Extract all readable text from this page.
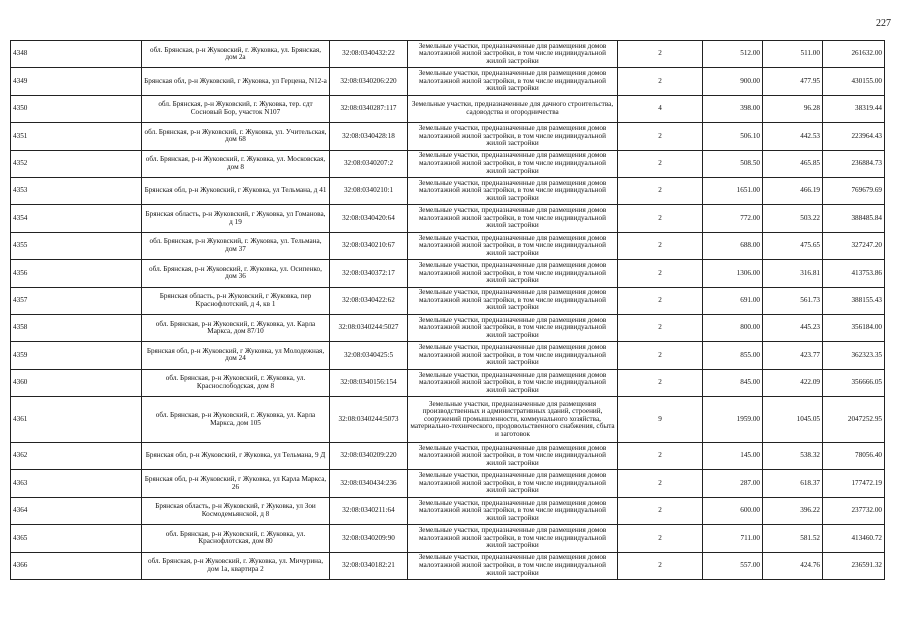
227
4348	обл. Брянская, р-н Жуковский, г. Жуковка, ул. Брянская, дом 2а	32:08:0340432:22	Земельные участки, предназначенные для размещения домов малоэтажной жилой застройки, в том числе индивидуальной жилой застройки	2	512.00	511.00	261632.00
4349	Брянская обл, р-н Жуковский, г Жуковка, ул Герцена, N12-а	32:08:0340206:220	Земельные участки, предназначенные для размещения домов малоэтажной жилой застройки, в том числе индивидуальной жилой застройки	2	900.00	477.95	430155.00
4350	обл. Брянская, р-н Жуковский, г. Жуковка, тер. сдт Сосновый Бор, участок N107	32:08:0340287:117	Земельные участки, предназначенные для дачного строительства, садоводства и огородничества	4	398.00	96.28	38319.44
4351	обл. Брянская, р-н Жуковский, г. Жуковка, ул. Учительская, дом 68	32:08:0340428:18	Земельные участки, предназначенные для размещения домов малоэтажной жилой застройки, в том числе индивидуальной жилой застройки	2	506.10	442.53	223964.43
4352	обл. Брянская, р-н Жуковский, г. Жуковка, ул. Московская, дом 8	32:08:0340207:2	Земельные участки, предназначенные для размещения домов малоэтажной жилой застройки, в том числе индивидуальной жилой застройки	2	508.50	465.85	236884.73
4353	Брянская обл, р-н Жуковский, г Жуковка, ул Тельмана, д 41	32:08:0340210:1	Земельные участки, предназначенные для размещения домов малоэтажной жилой застройки, в том числе индивидуальной жилой застройки	2	1651.00	466.19	769679.69
4354	Брянская область, р-н Жуковский, г Жуковка, ул Гоманова, д 19	32:08:0340420:64	Земельные участки, предназначенные для размещения домов малоэтажной жилой застройки, в том числе индивидуальной жилой застройки	2	772.00	503.22	388485.84
4355	обл. Брянская, р-н Жуковский, г. Жуковка, ул. Тельмана, дом 37	32:08:0340210:67	Земельные участки, предназначенные для размещения домов малоэтажной жилой застройки, в том числе индивидуальной жилой застройки	2	688.00	475.65	327247.20
4356	обл. Брянская, р-н Жуковский, г. Жуковка, ул. Осипенко, дом 36	32:08:0340372:17	Земельные участки, предназначенные для размещения домов малоэтажной жилой застройки, в том числе индивидуальной жилой застройки	2	1306.00	316.81	413753.86
4357	Брянская область, р-н Жуковский, г Жуковка, пер Краснофлотский, д 4, кв 1	32:08:0340422:62	Земельные участки, предназначенные для размещения домов малоэтажной жилой застройки, в том числе индивидуальной жилой застройки	2	691.00	561.73	388155.43
4358	обл. Брянская, р-н Жуковский, г. Жуковка, ул. Карла Маркса, дом 87/10	32:08:0340244:5027	Земельные участки, предназначенные для размещения домов малоэтажной жилой застройки, в том числе индивидуальной жилой застройки	2	800.00	445.23	356184.00
4359	Брянская обл, р-н Жуковский, г Жуковка, ул Молодежная, дом 24	32:08:0340425:5	Земельные участки, предназначенные для размещения домов малоэтажной жилой застройки, в том числе индивидуальной жилой застройки	2	855.00	423.77	362323.35
4360	обл. Брянская, р-н Жуковский, г. Жуковка, ул. Краснослободская, дом 8	32:08:0340156:154	Земельные участки, предназначенные для размещения домов малоэтажной жилой застройки, в том числе индивидуальной жилой застройки	2	845.00	422.09	356666.05
4361	обл. Брянская, р-н Жуковский, г. Жуковка, ул. Карла Маркса, дом 105	32:08:0340244:5073	Земельные участки, предназначенные для размещения производственных и административных зданий, строений, сооружений промышленности, коммунального хозяйства, материально-технического, продовольственного снабжения, сбыта и заготовок	9	1959.00	1045.05	2047252.95
4362	Брянская обл, р-н Жуковский, г Жуковка, ул Тельмана, 9 Д	32:08:0340209:220	Земельные участки, предназначенные для размещения домов малоэтажной жилой застройки, в том числе индивидуальной жилой застройки	2	145.00	538.32	78056.40
4363	Брянская обл, р-н Жуковский, г Жуковка, ул Карла Маркса, 26	32:08:0340434:236	Земельные участки, предназначенные для размещения домов малоэтажной жилой застройки, в том числе индивидуальной жилой застройки	2	287.00	618.37	177472.19
4364	Брянская область, р-н Жуковский, г Жуковка, ул Зои Космодемьянской, д 8	32:08:0340211:64	Земельные участки, предназначенные для размещения домов малоэтажной жилой застройки, в том числе индивидуальной жилой застройки	2	600.00	396.22	237732.00
4365	обл. Брянская, р-н Жуковский, г. Жуковка, ул. Краснофлотская, дом 80	32:08:0340209:90	Земельные участки, предназначенные для размещения домов малоэтажной жилой застройки, в том числе индивидуальной жилой застройки	2	711.00	581.52	413460.72
4366	обл. Брянская, р-н Жуковский, г. Жуковка, ул. Мичурина, дом 1а, квартира 2	32:08:0340182:21	Земельные участки, предназначенные для размещения домов малоэтажной жилой застройки, в том числе индивидуальной жилой застройки	2	557.00	424.76	236591.32
